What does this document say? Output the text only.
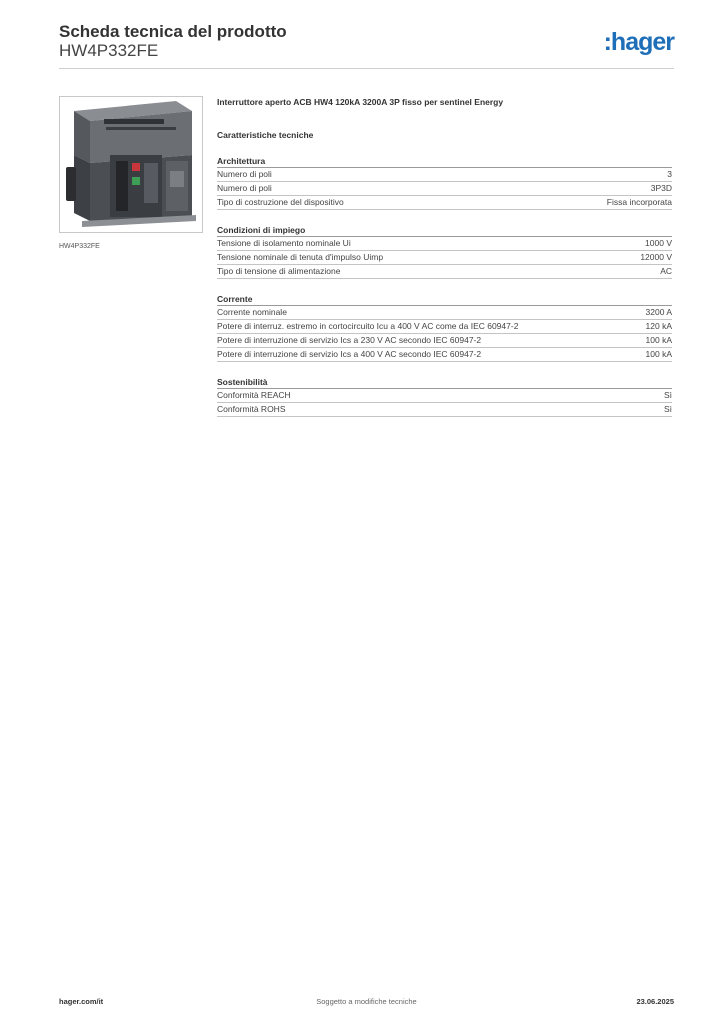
Scheda tecnica del prodotto
HW4P332FE	:hager
HW4P332FE
Interruttore aperto ACB HW4 120kA 3200A 3P fisso per sentinel Energy
Caratteristiche tecniche
Architettura
Numero di poli	3
Numero di poli	3P3D
Tipo di costruzione del dispositivo	Fissa incorporata
Condizioni di impiego
Tensione di isolamento nominale Ui	1000 V
Tensione nominale di tenuta d'impulso Uimp	12000 V
Tipo di tensione di alimentazione	AC
Corrente
Corrente nominale	3200 A
Potere di interruz. estremo in cortocircuito Icu a 400 V AC come da IEC 60947-2	120 kA
Potere di interruzione di servizio Ics a 230 V AC secondo IEC 60947-2	100 kA
Potere di interruzione di servizio Ics a 400 V AC secondo IEC 60947-2	100 kA
Sostenibilità
Conformità REACH	Sì
Conformità ROHS	Sì
hager.com/it	Soggetto a modifiche tecniche	23.06.2025
